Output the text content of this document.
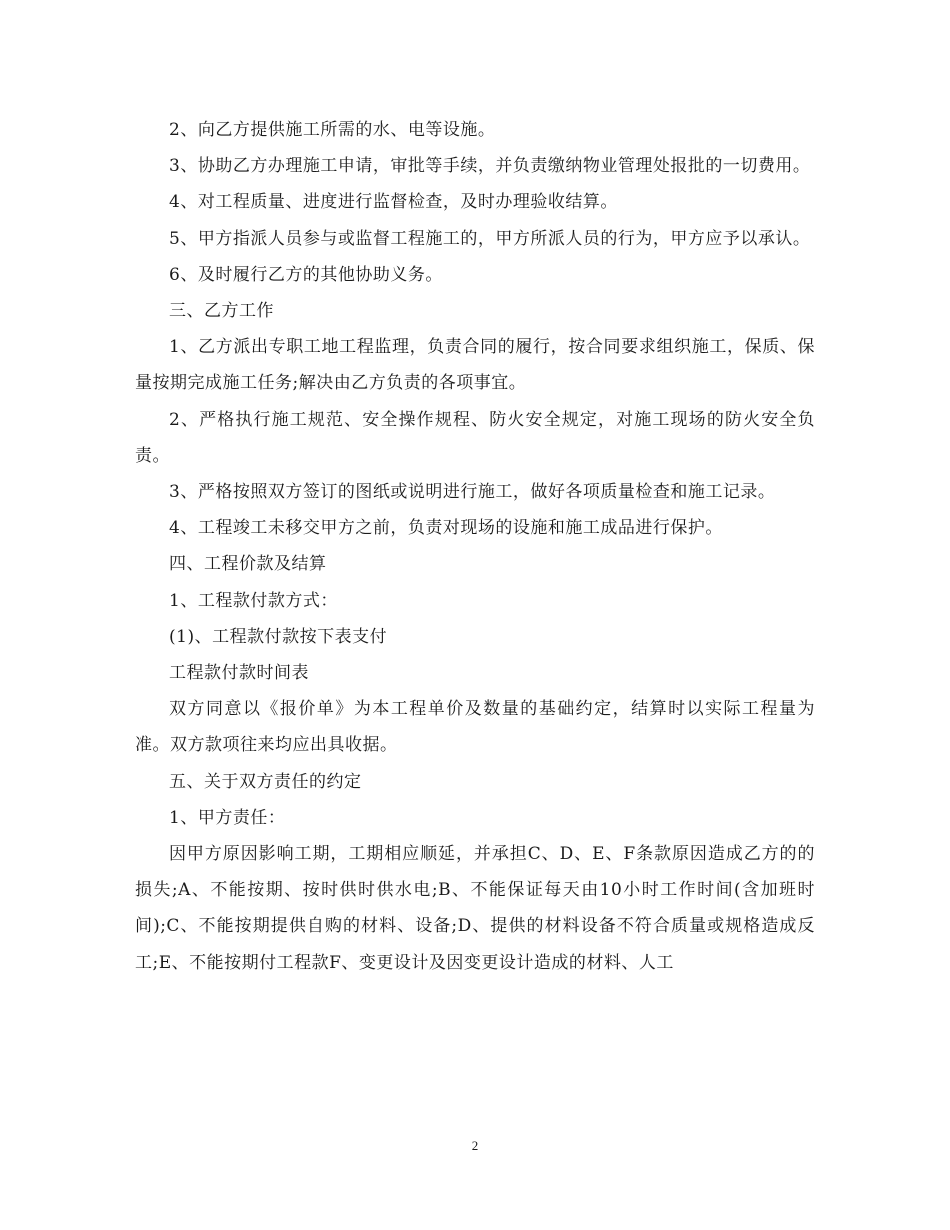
2、向乙方提供施工所需的水、电等设施。

3、协助乙方办理施工申请，审批等手续，并负责缴纳物业管理处报批的一切费用。

4、对工程质量、进度进行监督检查，及时办理验收结算。

5、甲方指派人员参与或监督工程施工的，甲方所派人员的行为，甲方应予以承认。

6、及时履行乙方的其他协助义务。

三、乙方工作

1、乙方派出专职工地工程监理，负责合同的履行，按合同要求组织施工，保质、保量按期完成施工任务;解决由乙方负责的各项事宜。

2、严格执行施工规范、安全操作规程、防火安全规定，对施工现场的防火安全负责。

3、严格按照双方签订的图纸或说明进行施工，做好各项质量检查和施工记录。

4、工程竣工未移交甲方之前，负责对现场的设施和施工成品进行保护。

四、工程价款及结算

1、工程款付款方式：

(1)、工程款付款按下表支付

工程款付款时间表

双方同意以《报价单》为本工程单价及数量的基础约定，结算时以实际工程量为准。双方款项往来均应出具收据。

五、关于双方责任的约定

1、甲方责任：

因甲方原因影响工期，工期相应顺延，并承担C、D、E、F条款原因造成乙方的的损失;A、不能按期、按时供时供水电;B、不能保证每天由10小时工作时间(含加班时间);C、不能按期提供自购的材料、设备;D、提供的材料设备不符合质量或规格造成反工;E、不能按期付工程款F、变更设计及因变更设计造成的材料、人工

2
